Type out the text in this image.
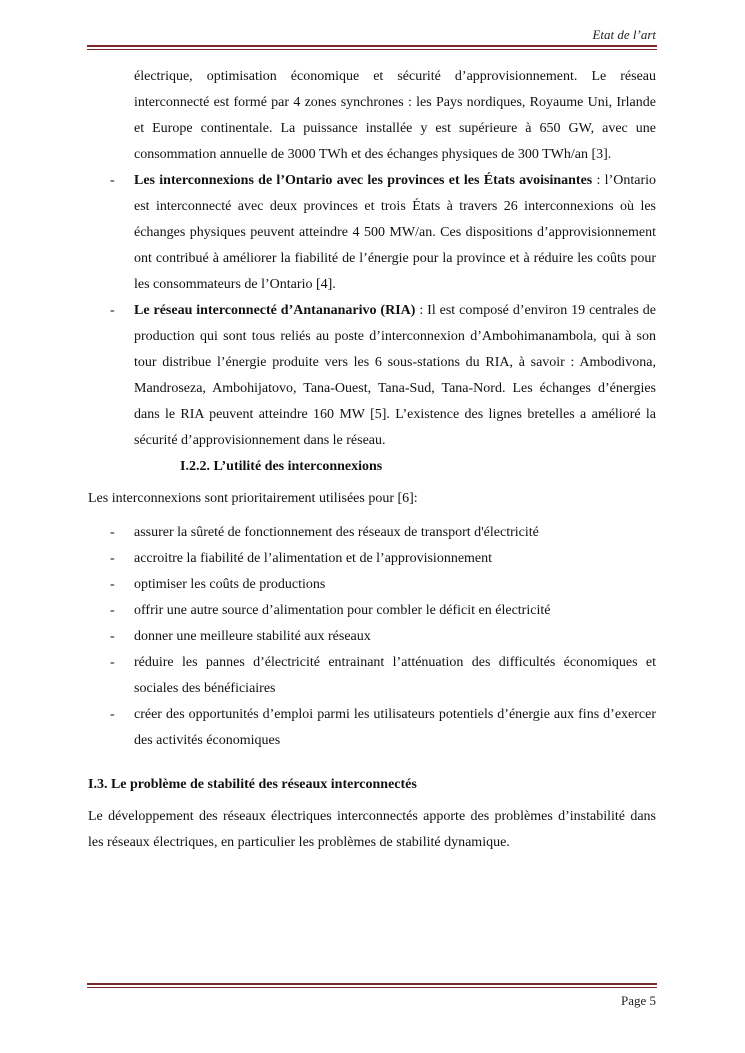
Etat de l’art

électrique, optimisation économique et sécurité d’approvisionnement. Le réseau interconnecté est formé par 4 zones synchrones : les Pays nordiques, Royaume Uni, Irlande et Europe continentale. La puissance installée y est supérieure à 650 GW, avec une consommation annuelle de 3000 TWh et des échanges physiques de 300 TWh/an [3].

- Les interconnexions de l’Ontario avec les provinces et les États avoisinantes : l’Ontario est interconnecté avec deux provinces et trois États à travers 26 interconnexions où les échanges physiques peuvent atteindre 4 500 MW/an. Ces dispositions d’approvisionnement ont contribué à améliorer la fiabilité de l’énergie pour la province et à réduire les coûts pour les consommateurs de l’Ontario [4].
- Le réseau interconnecté d’Antananarivo (RIA) : Il est composé d’environ 19 centrales de production qui sont tous reliés au poste d’interconnexion d’Ambohimanambola, qui à son tour distribue l’énergie produite vers les 6 sous-stations du RIA, à savoir : Ambodivona, Mandroseza, Ambohijatovo, Tana-Ouest, Tana-Sud, Tana-Nord. Les échanges d’énergies dans le RIA peuvent atteindre 160 MW [5]. L’existence des lignes bretelles a amélioré la sécurité d’approvisionnement dans le réseau.

I.2.2. L’utilité des interconnexions

Les interconnexions sont prioritairement utilisées pour [6]:

- assurer la sûreté de fonctionnement des réseaux de transport d'électricité
- accroitre la fiabilité de l’alimentation et de l’approvisionnement
- optimiser les coûts de productions
- offrir une autre source d’alimentation pour combler le déficit en électricité
- donner une meilleure stabilité aux réseaux
- réduire les pannes d’électricité entrainant l’atténuation des difficultés économiques et sociales des bénéficiaires
- créer des opportunités d’emploi parmi les utilisateurs potentiels d’énergie aux fins d’exercer des activités économiques

I.3. Le problème de stabilité des réseaux interconnectés

Le développement des réseaux électriques interconnectés apporte des problèmes d’instabilité dans les réseaux électriques, en particulier les problèmes de stabilité dynamique.

Page 5
